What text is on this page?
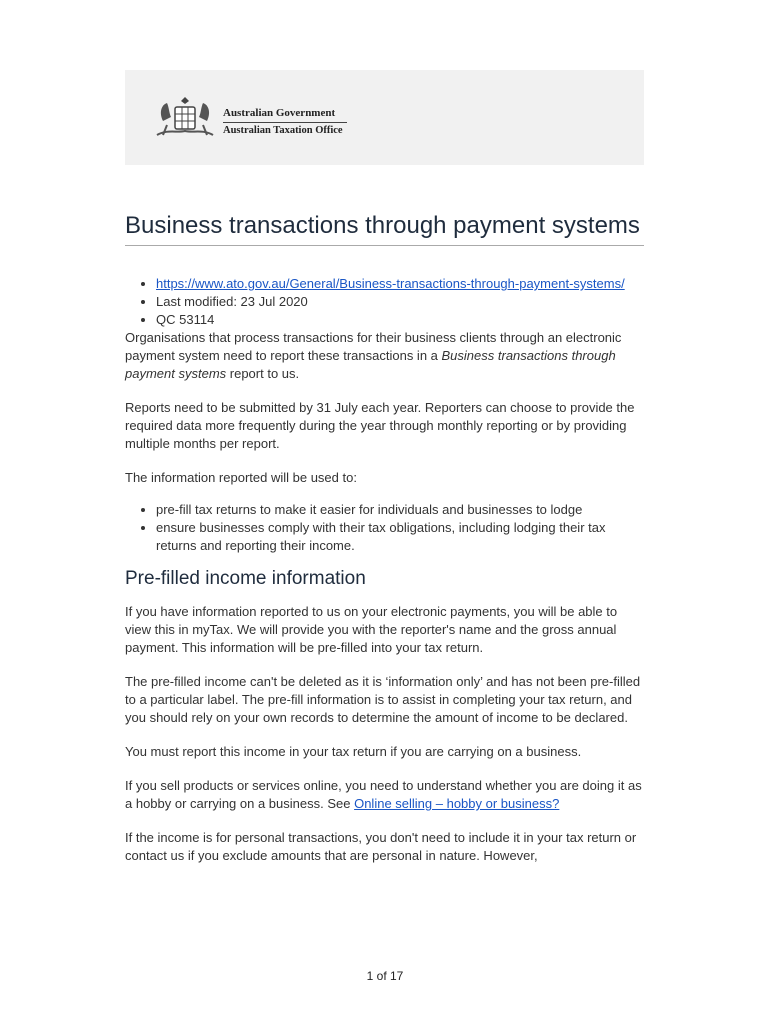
Australian Government
Australian Taxation Office
Business transactions through payment systems
• https://www.ato.gov.au/General/Business-transactions-through-payment-systems/
• Last modified: 23 Jul 2020
• QC 53114

Organisations that process transactions for their business clients through an electronic payment system need to report these transactions in a Business transactions through payment systems report to us.

Reports need to be submitted by 31 July each year. Reporters can choose to provide the required data more frequently during the year through monthly reporting or by providing multiple months per report.

The information reported will be used to:

• pre-fill tax returns to make it easier for individuals and businesses to lodge
• ensure businesses comply with their tax obligations, including lodging their tax returns and reporting their income.
Pre-filled income information

If you have information reported to us on your electronic payments, you will be able to view this in myTax. We will provide you with the reporter's name and the gross annual payment. This information will be pre-filled into your tax return.

The pre-filled income can't be deleted as it is ‘information only’ and has not been pre-filled to a particular label. The pre-fill information is to assist in completing your tax return, and you should rely on your own records to determine the amount of income to be declared.

You must report this income in your tax return if you are carrying on a business.

If you sell products or services online, you need to understand whether you are doing it as a hobby or carrying on a business. See Online selling – hobby or business?

If the income is for personal transactions, you don't need to include it in your tax return or contact us if you exclude amounts that are personal in nature. However,

1 of 17
